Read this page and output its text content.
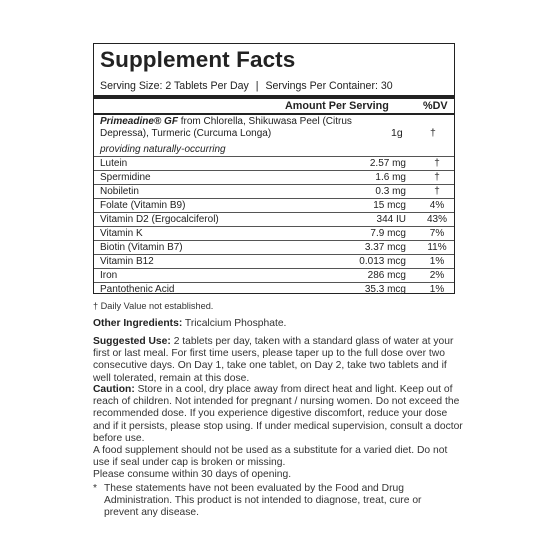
Supplement Facts
Serving Size: 2 Tablets Per Day | Servings Per Container: 30
Amount Per Serving	%DV
Primeadine® GF from Chlorella, Shikuwasa Peel (Citrus Depressa), Turmeric (Curcuma Longa)	1g	†
providing naturally-occurring
Lutein	2.57 mg	†
Spermidine	1.6 mg	†
Nobiletin	0.3 mg	†
Folate (Vitamin B9)	15 mcg	4%
Vitamin D2 (Ergocalciferol)	344 IU 43%
Vitamin K	7.9 mcg	7%
Biotin (Vitamin B7)	3.37 mcg 11%
Vitamin B12	0.013 mcg	1%
Iron	286 mcg	2%
Pantothenic Acid	35.3 mcg	1%
† Daily Value not established.
Other Ingredients: Tricalcium Phosphate.
Suggested Use: 2 tablets per day, taken with a standard glass of water at your first or last meal. For first time users, please taper up to the full dose over two consecutive days. On Day 1, take one tablet, on Day 2, take two tablets and if well tolerated, remain at this dose.
Caution: Store in a cool, dry place away from direct heat and light. Keep out of reach of children. Not intended for pregnant / nursing women. Do not exceed the recommended dose. If you experience digestive discomfort, reduce your dose and if it persists, please stop using. If under medical supervision, consult a doctor before use.
A food supplement should not be used as a substitute for a varied diet. Do not use if seal under cap is broken or missing.
Please consume within 30 days of opening.
* These statements have not been evaluated by the Food and Drug Administration. This product is not intended to diagnose, treat, cure or prevent any disease.
